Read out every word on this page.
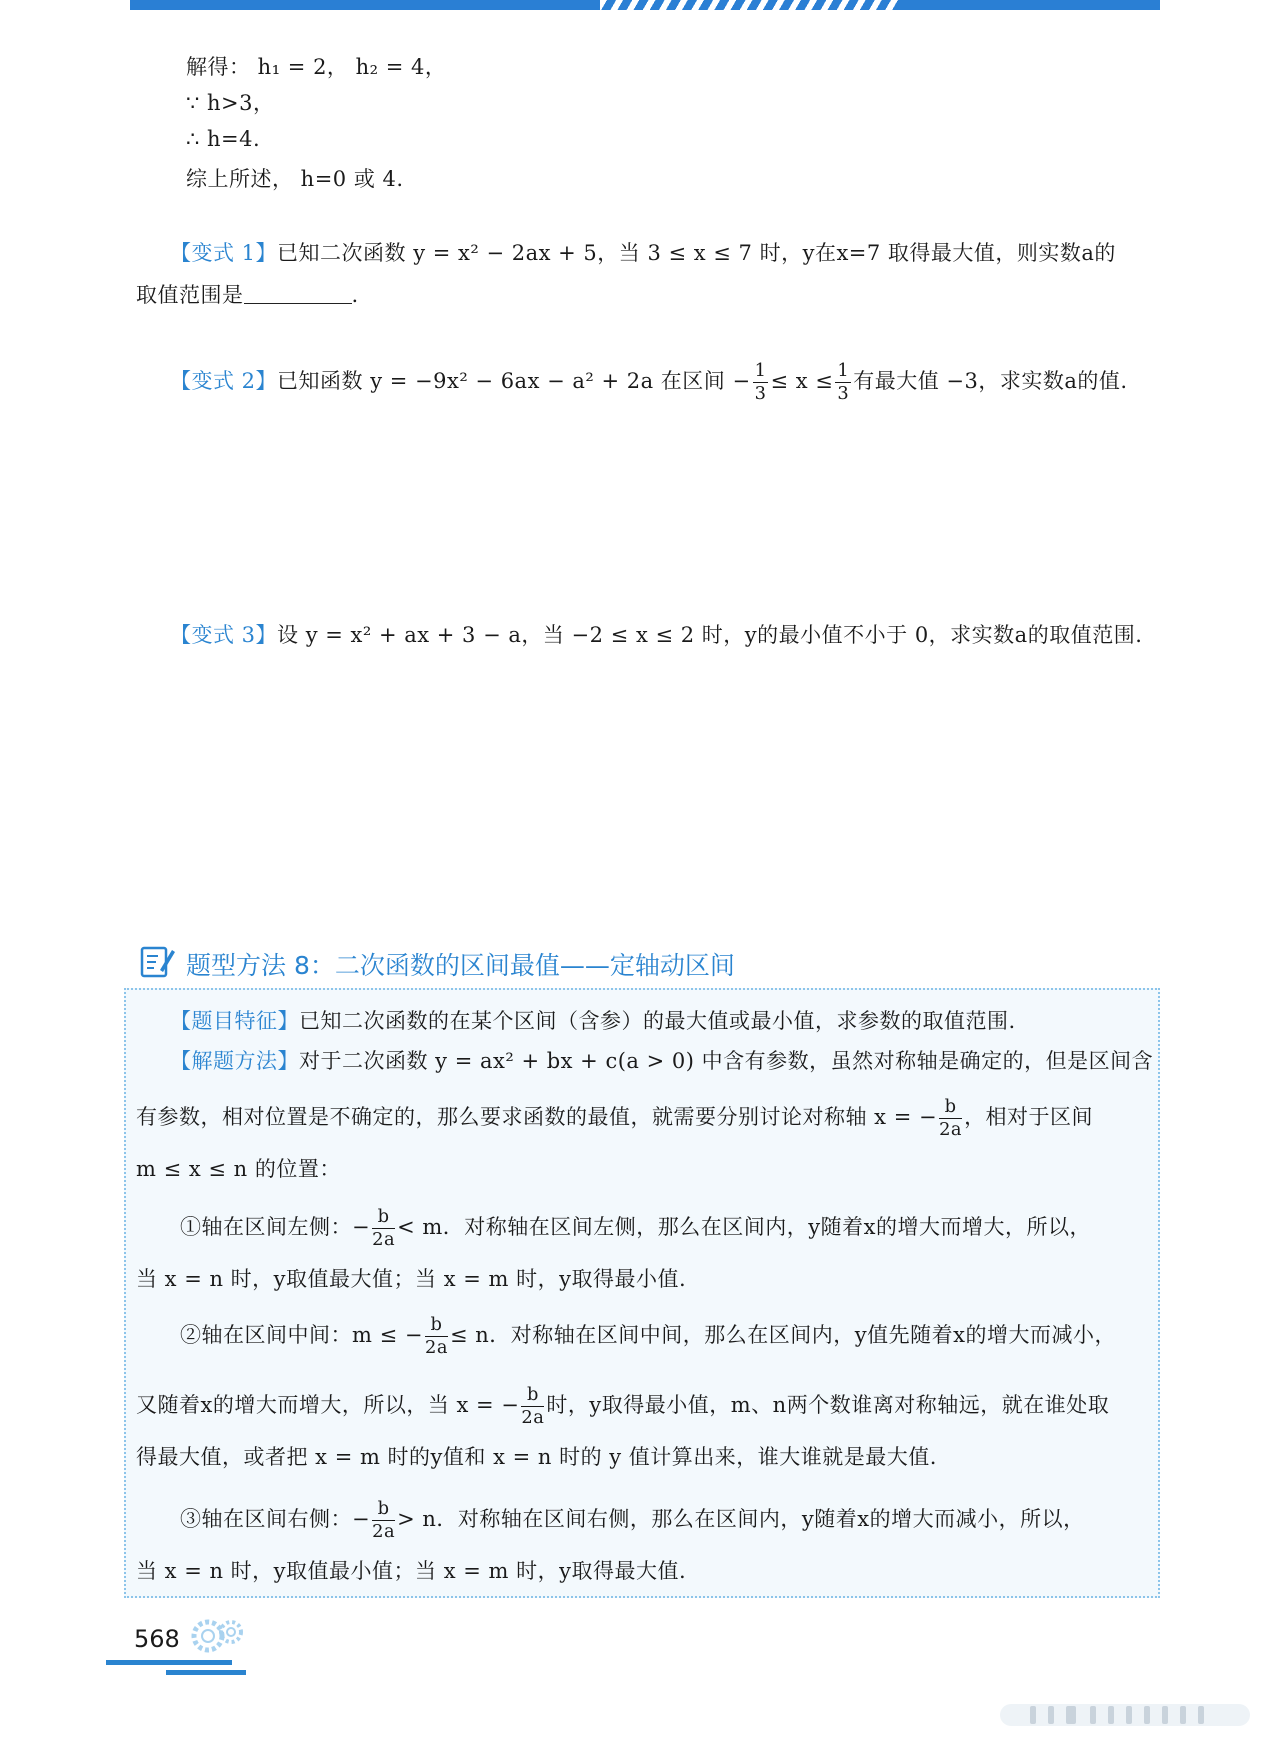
解得： h₁ = 2， h₂ = 4，
∵ h>3，
∴ h=4.
综上所述， h=0 或 4.
【变式 1】已知二次函数 y = x² − 2ax + 5，当 3 ≤ x ≤ 7 时，y在x=7 取得最大值，则实数a的
取值范围是	.
【变式 2】已知函数 y = −9x² − 6ax − a² + 2a 在区间 − $\frac{1}{3} \le x \le \frac{1}{3}$ 有最大值 −3，求实数a的值.
【变式 3】设 y = x² + ax + 3 − a，当 −2 ≤ x ≤ 2 时，y的最小值不小于 0，求实数a的取值范围.
题型方法 8：二次函数的区间最值——定轴动区间
【题目特征】已知二次函数的在某个区间（含参）的最大值或最小值，求参数的取值范围.
【解题方法】对于二次函数 y = ax² + bx + c(a > 0) 中含有参数，虽然对称轴是确定的，但是区间含
有参数，相对位置是不确定的，那么要求函数的最值，就需要分别讨论对称轴 x = − $\frac{b}{2a}$ ，相对于区间
m ≤ x ≤ n 的位置：
①轴在区间左侧：− $\frac{b}{2a} < m$．对称轴在区间左侧，那么在区间内，y随着x的增大而增大，所以，
当 x = n 时，y取值最大值；当 x = m 时，y取得最小值.
②轴在区间中间：m ≤ − $\frac{b}{2a} \le n$．对称轴在区间中间，那么在区间内，y值先随着x的增大而减小，
又随着x的增大而增大，所以，当 x = − $\frac{b}{2a}$ 时，y取得最小值，m、n两个数谁离对称轴远，就在谁处取
得最大值，或者把 x = m 时的y值和 x = n 时的 y 值计算出来，谁大谁就是最大值.
③轴在区间右侧：− $\frac{b}{2a} > n$．对称轴在区间右侧，那么在区间内，y随着x的增大而减小，所以，
当 x = n 时，y取值最小值；当 x = m 时，y取得最大值.
568
